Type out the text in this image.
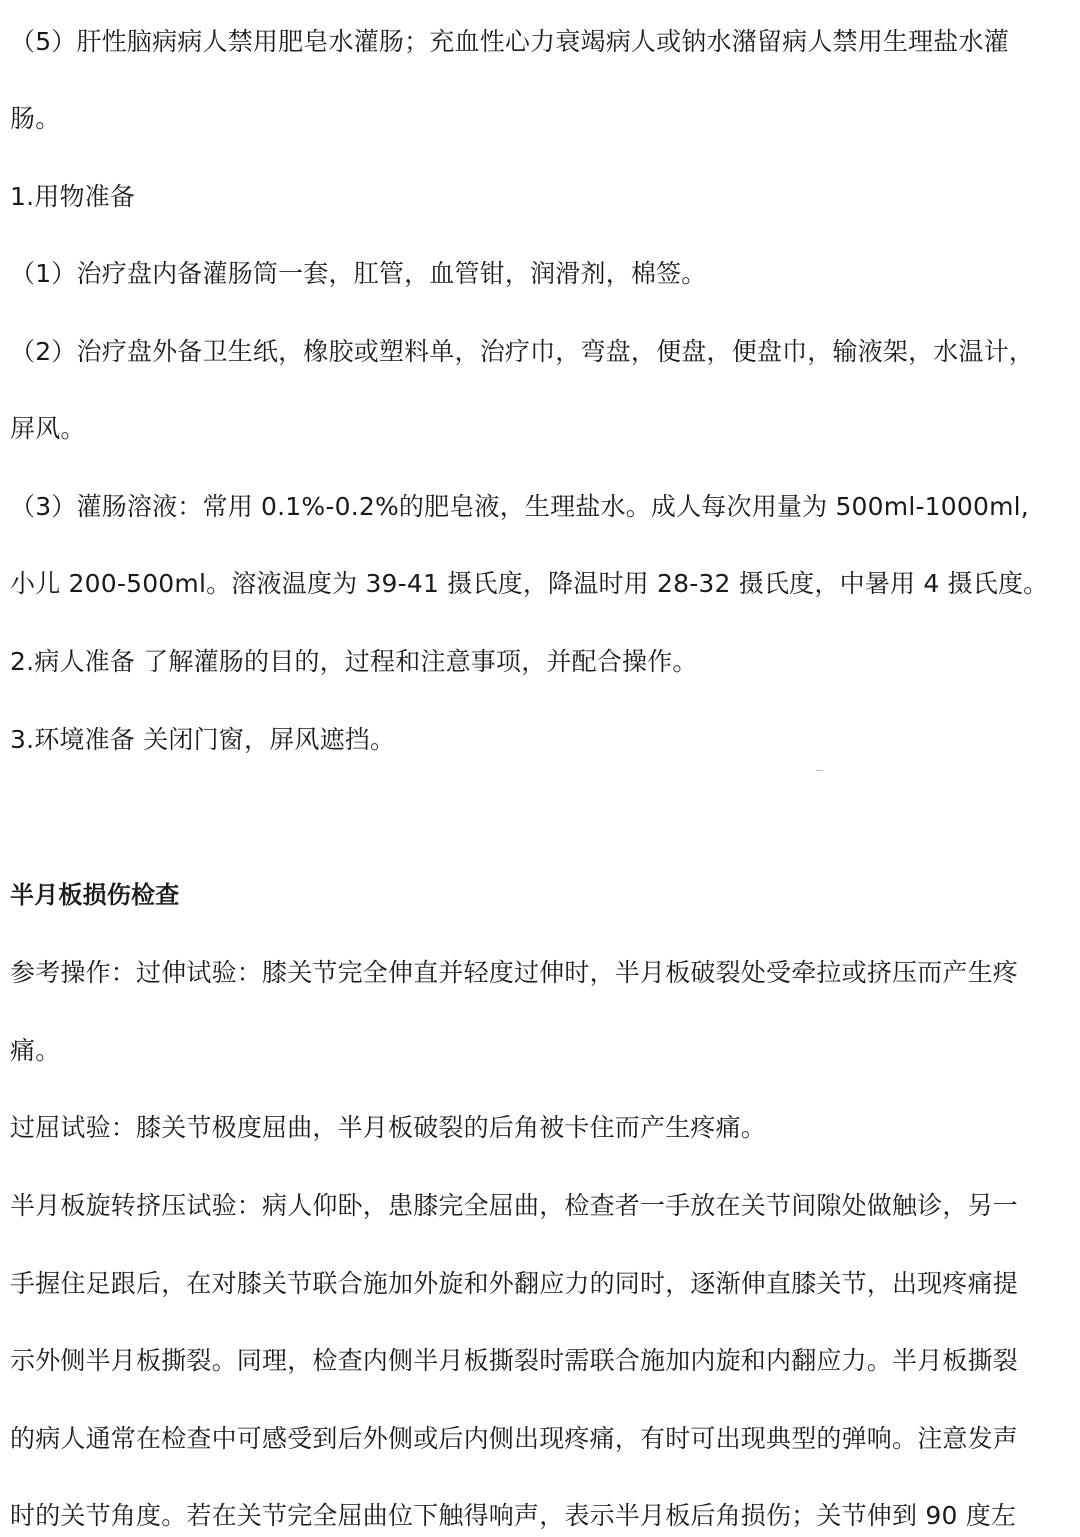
（5）肝性脑病病人禁用肥皂水灌肠；充血性心力衰竭病人或钠水潴留病人禁用生理盐水灌
肠。
1.用物准备
（1）治疗盘内备灌肠筒一套，肛管，血管钳，润滑剂，棉签。
（2）治疗盘外备卫生纸，橡胶或塑料单，治疗巾，弯盘，便盘，便盘巾，输液架，水温计，
屏风。
（3）灌肠溶液：常用 0.1%-0.2%的肥皂液，生理盐水。成人每次用量为 500ml-1000ml,
小儿 200-500ml。溶液温度为 39-41 摄氏度，降温时用 28-32 摄氏度，中暑用 4 摄氏度。
2.病人准备 了解灌肠的目的，过程和注意事项，并配合操作。
3.环境准备 关闭门窗，屏风遮挡。
半月板损伤检查
参考操作：过伸试验：膝关节完全伸直并轻度过伸时，半月板破裂处受牵拉或挤压而产生疼
痛。
过屈试验：膝关节极度屈曲，半月板破裂的后角被卡住而产生疼痛。
半月板旋转挤压试验：病人仰卧，患膝完全屈曲，检查者一手放在关节间隙处做触诊，另一
手握住足跟后，在对膝关节联合施加外旋和外翻应力的同时，逐渐伸直膝关节，出现疼痛提
示外侧半月板撕裂。同理，检查内侧半月板撕裂时需联合施加内旋和内翻应力。半月板撕裂
的病人通常在检查中可感受到后外侧或后内侧出现疼痛，有时可出现典型的弹响。注意发声
时的关节角度。若在关节完全屈曲位下触得响声，表示半月板后角损伤；关节伸到 90 度左
